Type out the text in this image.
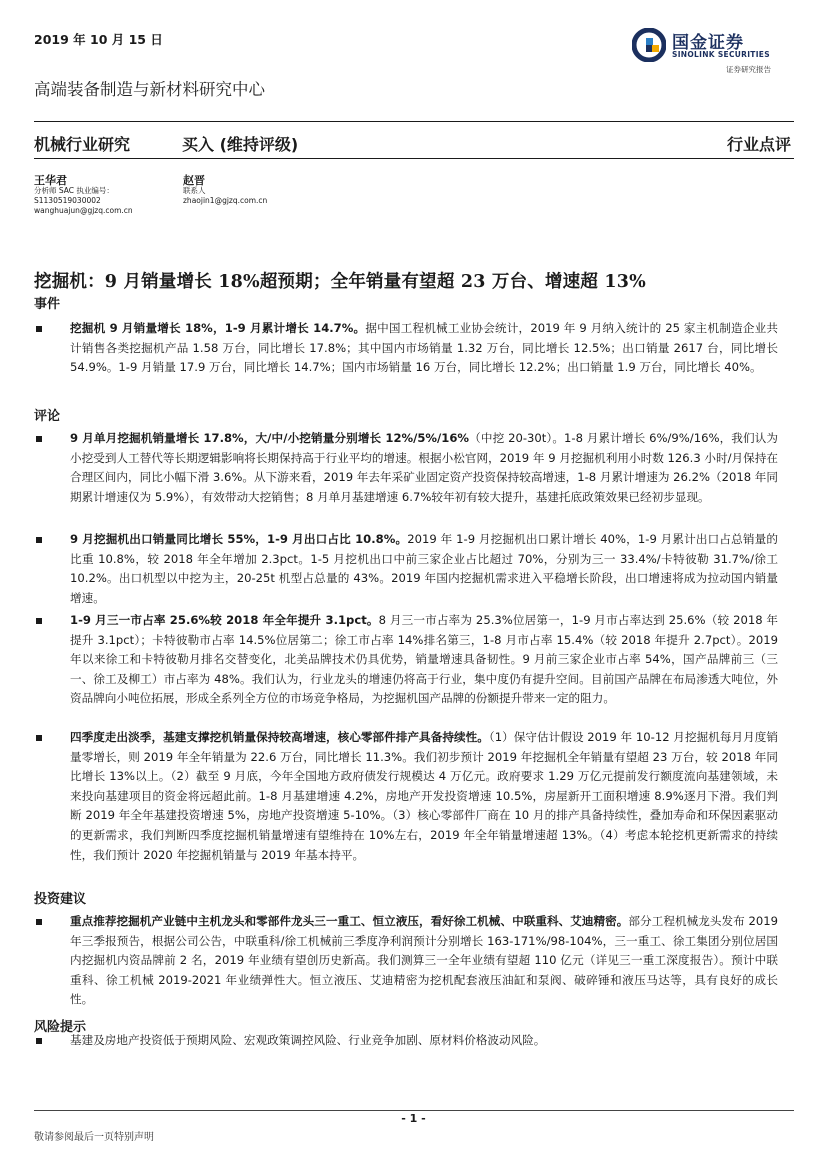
2019 年 10 月 15 日	国金证券
SINOLINK SECURITIES
证券研究报告
高端装备制造与新材料研究中心
机械行业研究	买入 (维持评级)	行业点评
王华君
分析师 SAC 执业编号：
S1130519030002
wanghuajun@gjzq.com.cn
赵晋
联系人
zhaojin1@gjzq.com.cn
挖掘机：9 月销量增长 18%超预期；全年销量有望超 23 万台、增速超 13%
事件
挖掘机 9 月销量增长 18%，1-9 月累计增长 14.7%。据中国工程机械工业协会统计，2019 年 9 月纳入统计的 25 家主机制造企业共计销售各类挖掘机产品 1.58 万台，同比增长 17.8%；其中国内市场销量 1.32 万台，同比增长 12.5%；出口销量 2617 台，同比增长 54.9%。1-9 月销量 17.9 万台，同比增长 14.7%；国内市场销量 16 万台，同比增长 12.2%；出口销量 1.9 万台，同比增长 40%。
评论
9 月单月挖掘机销量增长 17.8%，大/中/小挖销量分别增长 12%/5%/16%（中挖 20-30t）。1-8 月累计增长 6%/9%/16%，我们认为小挖受到人工替代等长期逻辑影响将长期保持高于行业平均的增速。根据小松官网，2019 年 9 月挖掘机利用小时数 126.3 小时/月保持在合理区间内，同比小幅下滑 3.6%。从下游来看，2019 年去年采矿业固定资产投资保持较高增速，1-8 月累计增速为 26.2%（2018 年同期累计增速仅为 5.9%），有效带动大挖销售；8 月单月基建增速 6.7%较年初有较大提升，基建托底政策效果已经初步显现。
9 月挖掘机出口销量同比增长 55%，1-9 月出口占比 10.8%。2019 年 1-9 月挖掘机出口累计增长 40%，1-9 月累计出口占总销量的比重 10.8%，较 2018 年全年增加 2.3pct。1-5 月挖机出口中前三家企业占比超过 70%，分别为三一 33.4%/卡特彼勒 31.7%/徐工 10.2%。出口机型以中挖为主，20-25t 机型占总量的 43%。2019 年国内挖掘机需求进入平稳增长阶段，出口增速将成为拉动国内销量增速。
1-9 月三一市占率 25.6%较 2018 年全年提升 3.1pct。8 月三一市占率为 25.3%位居第一，1-9 月市占率达到 25.6%（较 2018 年提升 3.1pct）；卡特彼勒市占率 14.5%位居第二；徐工市占率 14%排名第三，1-8 月市占率 15.4%（较 2018 年提升 2.7pct）。2019 年以来徐工和卡特彼勒月排名交替变化，北美品牌技术仍具优势，销量增速具备韧性。9 月前三家企业市占率 54%，国产品牌前三（三一、徐工及柳工）市占率为 48%。我们认为，行业龙头的增速仍将高于行业，集中度仍有提升空间。目前国产品牌在布局渗透大吨位，外资品牌向小吨位拓展，形成全系列全方位的市场竞争格局，为挖掘机国产品牌的份额提升带来一定的阻力。
四季度走出淡季，基建支撑挖机销量保持较高增速，核心零部件排产具备持续性。（1）保守估计假设 2019 年 10-12 月挖掘机每月月度销量零增长，则 2019 年全年销量为 22.6 万台，同比增长 11.3%。我们初步预计 2019 年挖掘机全年销量有望超 23 万台，较 2018 年同比增长 13%以上。（2）截至 9 月底，今年全国地方政府债发行规模达 4 万亿元。政府要求 1.29 万亿元提前发行额度流向基建领域，未来投向基建项目的资金将远超此前。1-8 月基建增速 4.2%，房地产开发投资增速 10.5%，房屋新开工面积增速 8.9%逐月下滑。我们判断 2019 年全年基建投资增速 5%，房地产投资增速 5-10%。（3）核心零部件厂商在 10 月的排产具备持续性，叠加寿命和环保因素驱动的更新需求，我们判断四季度挖掘机销量增速有望维持在 10%左右，2019 年全年销量增速超 13%。（4）考虑本轮挖机更新需求的持续性，我们预计 2020 年挖掘机销量与 2019 年基本持平。
投资建议
重点推荐挖掘机产业链中主机龙头和零部件龙头三一重工、恒立液压，看好徐工机械、中联重科、艾迪精密。部分工程机械龙头发布 2019 年三季报预告，根据公司公告，中联重科/徐工机械前三季度净利润预计分别增长 163-171%/98-104%，三一重工、徐工集团分别位居国内挖掘机内资品牌前 2 名，2019 年业绩有望创历史新高。我们测算三一全年业绩有望超 110 亿元（详见三一重工深度报告）。预计中联重科、徐工机械 2019-2021 年业绩弹性大。恒立液压、艾迪精密为挖机配套液压油缸和泵阀、破碎锤和液压马达等，具有良好的成长性。
风险提示
基建及房地产投资低于预期风险、宏观政策调控风险、行业竞争加剧、原材料价格波动风险。
- 1 -
敬请参阅最后一页特别声明
